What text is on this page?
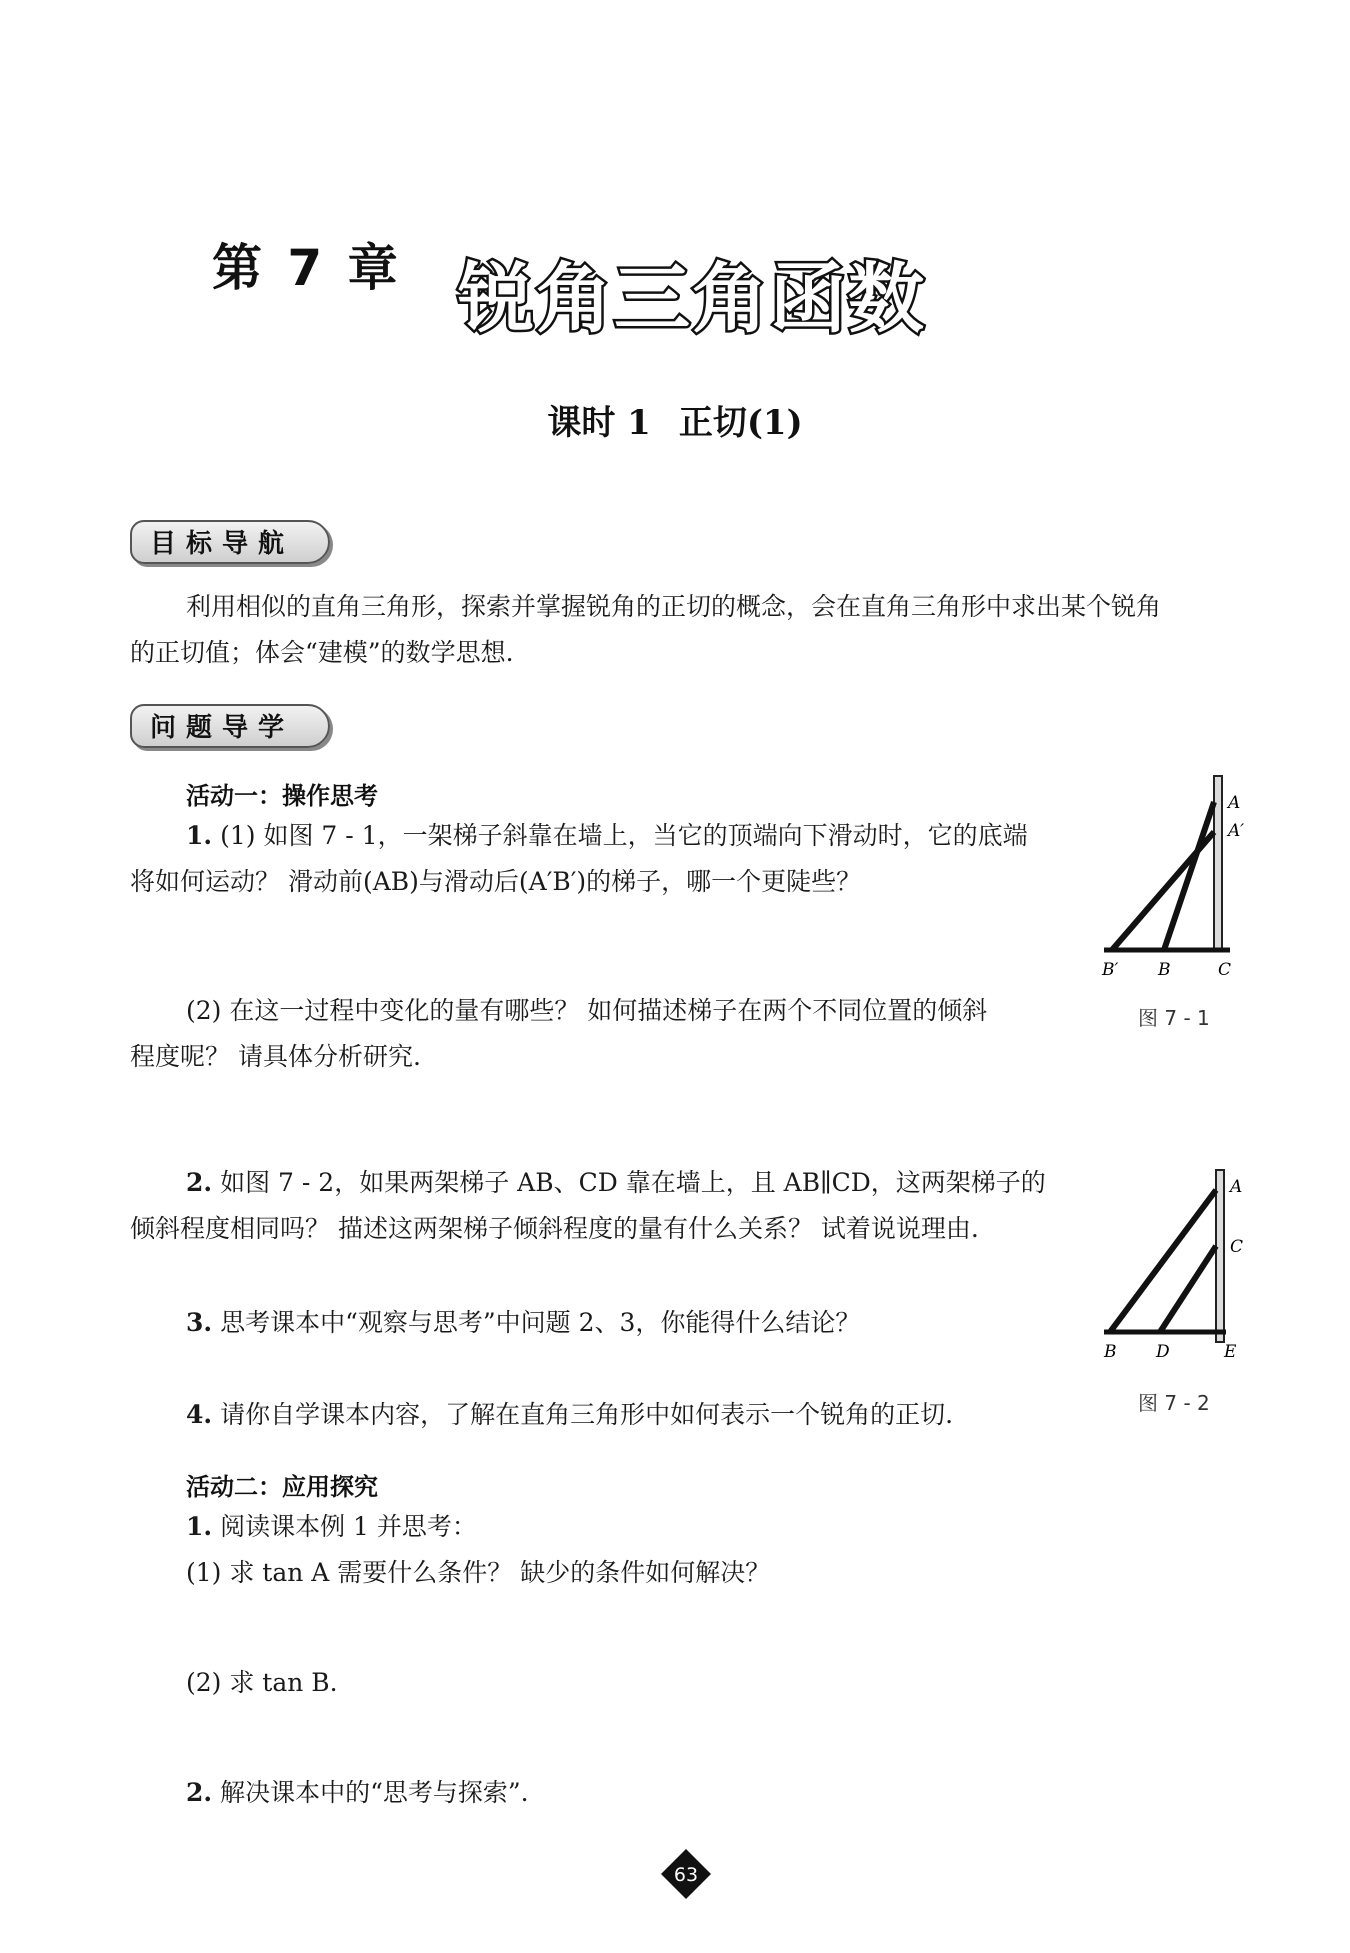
第 7 章 锐角三角函数
课时 1 正切(1)
目标导航
利用相似的直角三角形，探索并掌握锐角的正切的概念，会在直角三角形中求出某个锐角
的正切值；体会“建模”的数学思想.
问题导学
活动一：操作思考
1. (1) 如图 7 - 1，一架梯子斜靠在墙上，当它的顶端向下滑动时，它的底端
将如何运动？ 滑动前(AB)与滑动后(A′B′)的梯子，哪一个更陡些？
(2) 在这一过程中变化的量有哪些？ 如何描述梯子在两个不同位置的倾斜
程度呢？ 请具体分析研究.
A
A′
B′ B	C
图 7 - 1
2. 如图 7 - 2，如果两架梯子 AB、CD 靠在墙上，且 AB∥CD，这两架梯子的
倾斜程度相同吗？ 描述这两架梯子倾斜程度的量有什么关系？ 试着说说理由.
A
C
B D	E
图 7 - 2
3. 思考课本中“观察与思考”中问题 2、3，你能得什么结论？
4. 请你自学课本内容，了解在直角三角形中如何表示一个锐角的正切.
活动二：应用探究
1. 阅读课本例 1 并思考：
(1) 求 tan A 需要什么条件？ 缺少的条件如何解决？
(2) 求 tan B.
2. 解决课本中的“思考与探索”.
63
